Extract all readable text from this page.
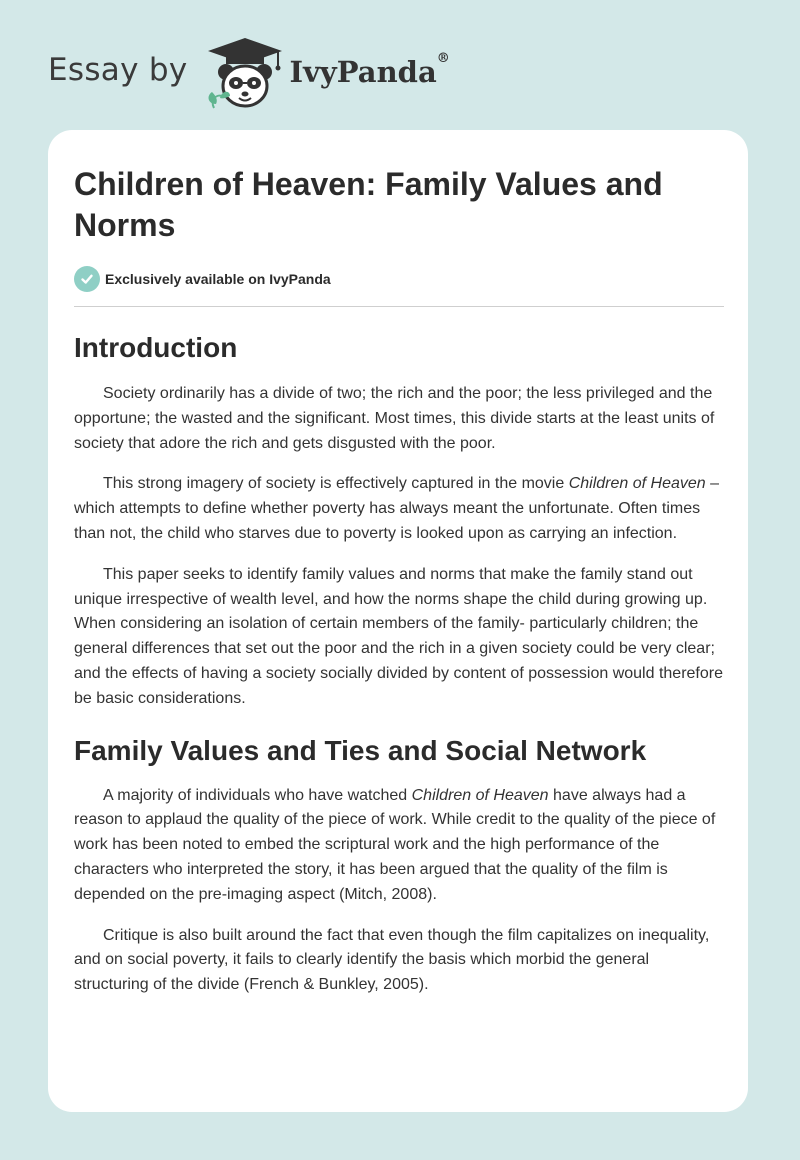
Essay by	IvyPanda®
Children of Heaven: Family Values and Norms
Exclusively available on IvyPanda
Introduction

Society ordinarily has a divide of two; the rich and the poor; the less privileged and the opportune; the wasted and the significant. Most times, this divide starts at the least units of society that adore the rich and gets disgusted with the poor.

This strong imagery of society is effectively captured in the movie Children of Heaven – which attempts to define whether poverty has always meant the unfortunate. Often times than not, the child who starves due to poverty is looked upon as carrying an infection.

This paper seeks to identify family values and norms that make the family stand out unique irrespective of wealth level, and how the norms shape the child during growing up. When considering an isolation of certain members of the family- particularly children; the general differences that set out the poor and the rich in a given society could be very clear; and the effects of having a society socially divided by content of possession would therefore be basic considerations.

Family Values and Ties and Social Network

A majority of individuals who have watched Children of Heaven have always had a reason to applaud the quality of the piece of work. While credit to the quality of the piece of work has been noted to embed the scriptural work and the high performance of the characters who interpreted the story, it has been argued that the quality of the film is depended on the pre-imaging aspect (Mitch, 2008).

Critique is also built around the fact that even though the film capitalizes on inequality, and on social poverty, it fails to clearly identify the basis which morbid the general structuring of the divide (French & Bunkley, 2005).
